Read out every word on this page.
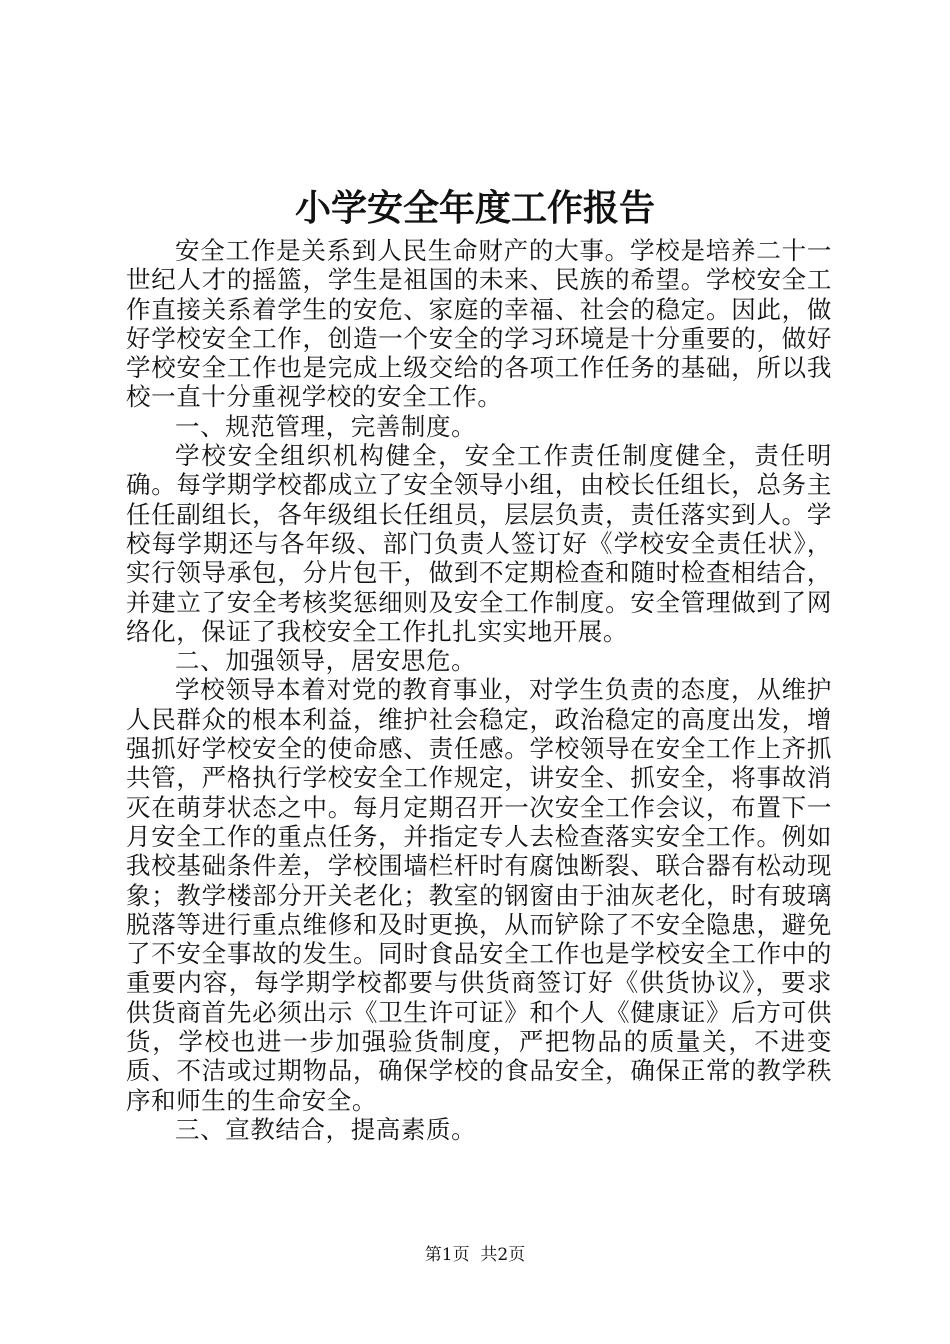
小学安全年度工作报告

安全工作是关系到人民生命财产的大事。学校是培养二十一世纪人才的摇篮，学生是祖国的未来、民族的希望。学校安全工作直接关系着学生的安危、家庭的幸福、社会的稳定。因此，做好学校安全工作，创造一个安全的学习环境是十分重要的，做好学校安全工作也是完成上级交给的各项工作任务的基础，所以我校一直十分重视学校的安全工作。

一、规范管理，完善制度。

学校安全组织机构健全，安全工作责任制度健全，责任明确。每学期学校都成立了安全领导小组，由校长任组长，总务主任任副组长，各年级组长任组员，层层负责，责任落实到人。学校每学期还与各年级、部门负责人签订好《学校安全责任状》，实行领导承包，分片包干，做到不定期检查和随时检查相结合，并建立了安全考核奖惩细则及安全工作制度。安全管理做到了网络化，保证了我校安全工作扎扎实实地开展。

二、加强领导，居安思危。

学校领导本着对党的教育事业，对学生负责的态度，从维护人民群众的根本利益，维护社会稳定，政治稳定的高度出发，增强抓好学校安全的使命感、责任感。学校领导在安全工作上齐抓共管，严格执行学校安全工作规定，讲安全、抓安全，将事故消灭在萌芽状态之中。每月定期召开一次安全工作会议，布置下一月安全工作的重点任务，并指定专人去检查落实安全工作。例如我校基础条件差，学校围墙栏杆时有腐蚀断裂、联合器有松动现象；教学楼部分开关老化；教室的钢窗由于油灰老化，时有玻璃脱落等进行重点维修和及时更换，从而铲除了不安全隐患，避免了不安全事故的发生。同时食品安全工作也是学校安全工作中的重要内容，每学期学校都要与供货商签订好《供货协议》，要求供货商首先必须出示《卫生许可证》和个人《健康证》后方可供货，学校也进一步加强验货制度，严把物品的质量关，不进变质、不洁或过期物品，确保学校的食品安全，确保正常的教学秩序和师生的生命安全。

三、宣教结合，提高素质。

第1页  共2页
